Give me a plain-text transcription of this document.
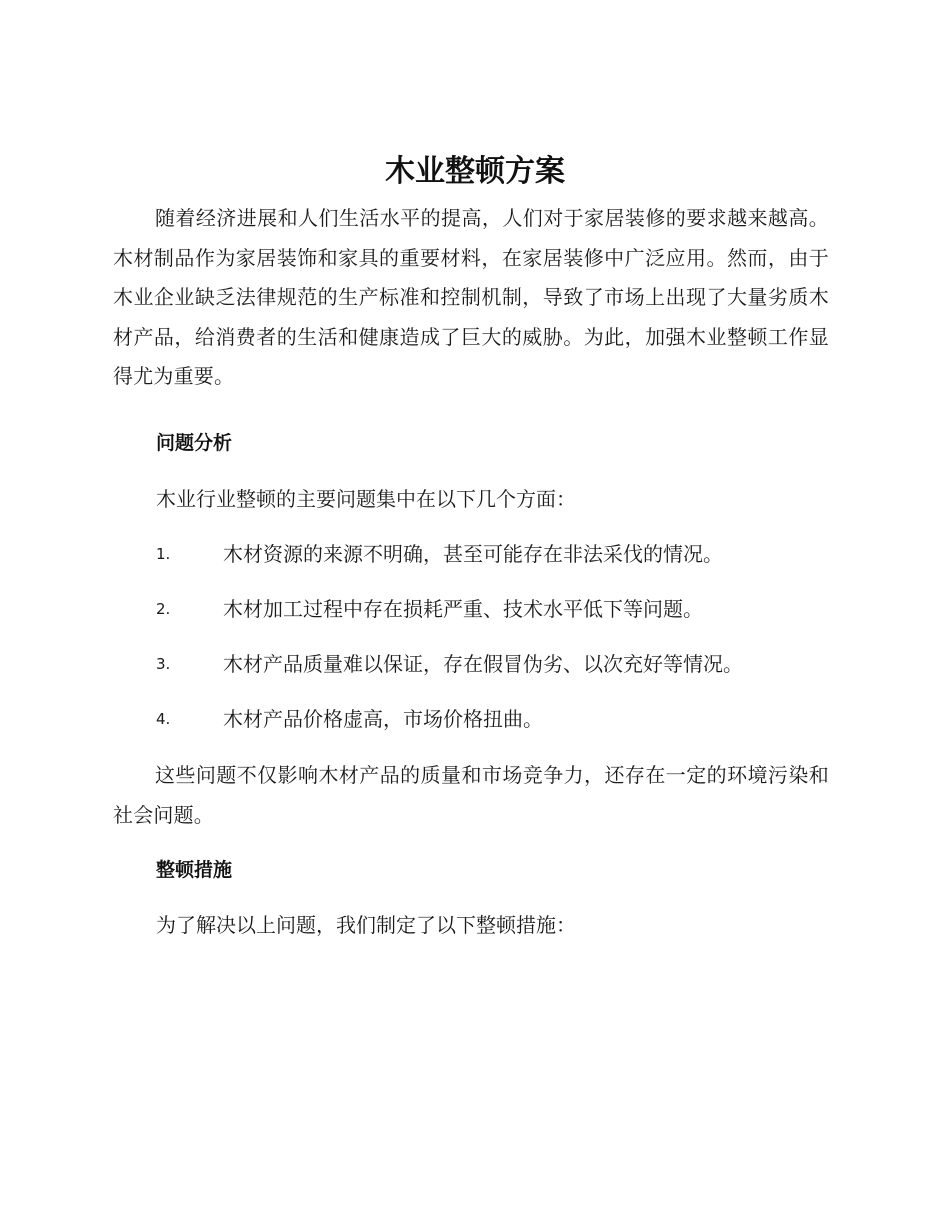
木业整顿方案
随着经济进展和人们生活水平的提高，人们对于家居装修的要求越来越高。木材制品作为家居装饰和家具的重要材料，在家居装修中广泛应用。然而，由于木业企业缺乏法律规范的生产标准和控制机制，导致了市场上出现了大量劣质木材产品，给消费者的生活和健康造成了巨大的威胁。为此，加强木业整顿工作显得尤为重要。
问题分析
木业行业整顿的主要问题集中在以下几个方面：
1.	木材资源的来源不明确，甚至可能存在非法采伐的情况。
2.	木材加工过程中存在损耗严重、技术水平低下等问题。
3.	木材产品质量难以保证，存在假冒伪劣、以次充好等情况。
4.	木材产品价格虚高，市场价格扭曲。
这些问题不仅影响木材产品的质量和市场竞争力，还存在一定的环境污染和社会问题。
整顿措施
为了解决以上问题，我们制定了以下整顿措施：
